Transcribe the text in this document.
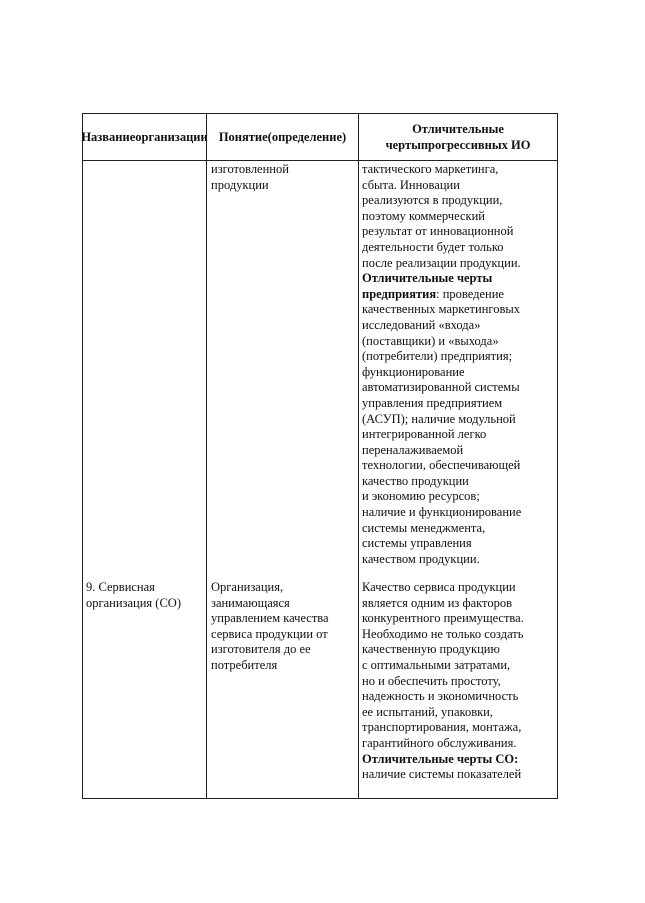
Названиеорганизации Понятие(определение)
Отличительные чертыпрогрессивных ИО
изготовленной
продукции
тактического маркетинга,
сбыта. Инновации
реализуются в продукции,
поэтому коммерческий
результат от инновационной
деятельности будет только
после реализации продукции.
Отличительные черты
предприятия: проведение
качественных маркетинговых
исследований «входа»
(поставщики) и «выхода»
(потребители) предприятия;
функционирование
автоматизированной системы
управления предприятием
(АСУП); наличие модульной
интегрированной легко
переналаживаемой
технологии, обеспечивающей
качество продукции
и экономию ресурсов;
наличие и функционирование
системы менеджмента,
системы управления
качеством продукции.
9. Сервисная
организация (СО)
Организация,
занимающаяся
управлением качества
сервиса продукции от
изготовителя до ее
потребителя
Качество сервиса продукции
является одним из факторов
конкурентного преимущества.
Необходимо не только создать
качественную продукцию
с оптимальными затратами,
но и обеспечить простоту,
надежность и экономичность
ее испытаний, упаковки,
транспортирования, монтажа,
гарантийного обслуживания.
Отличительные черты СО:
наличие системы показателей
